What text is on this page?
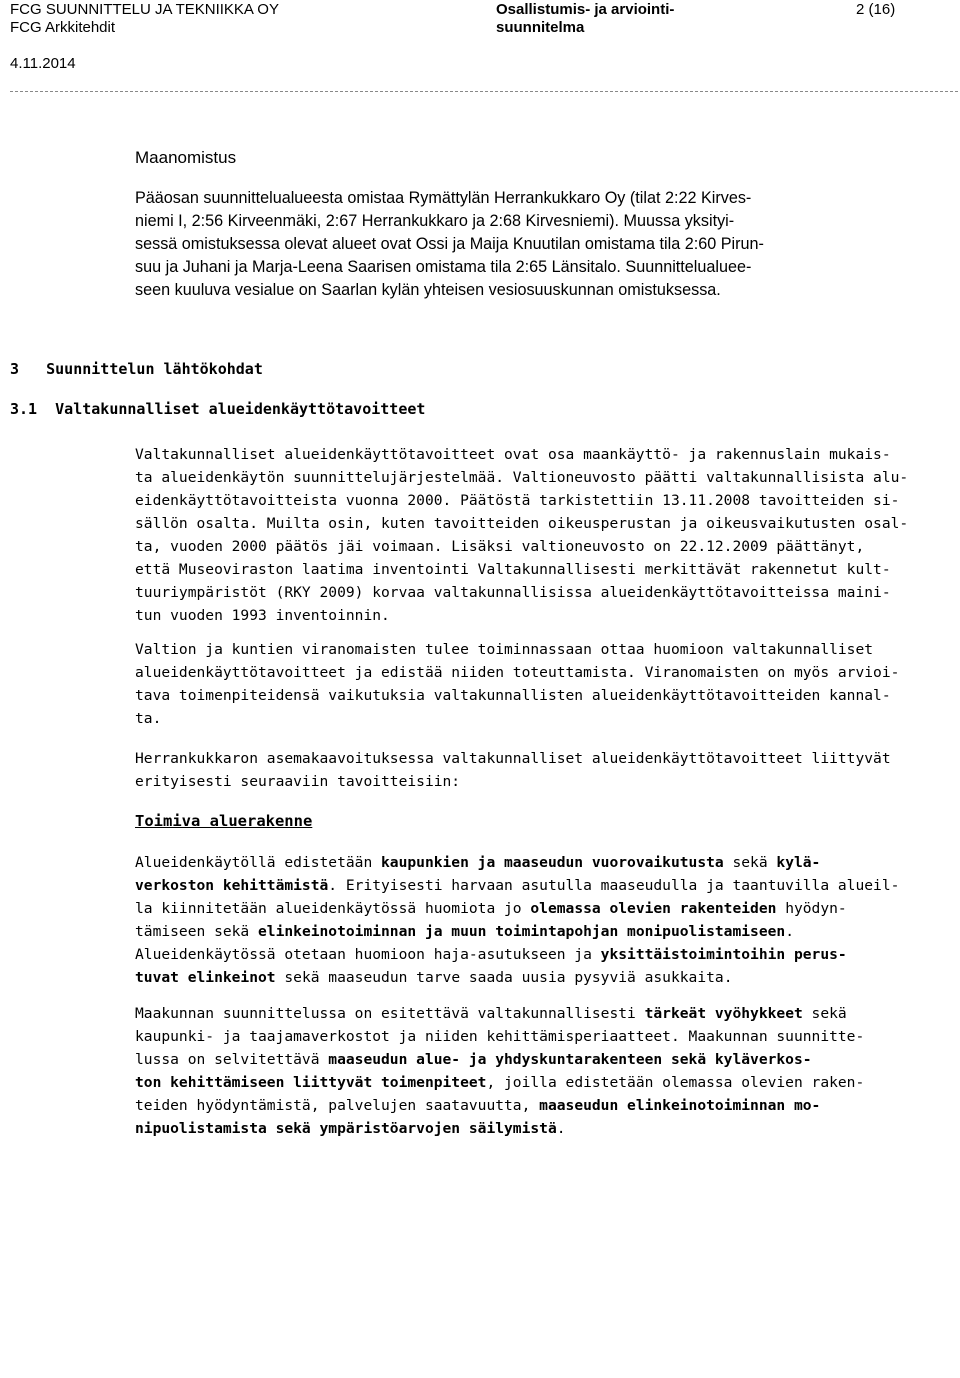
FCG SUUNNITTELU JA TEKNIIKKA OY
FCG Arkkitehdit
Osallistumis- ja arviointi-
suunnitelma
2 (16)
4.11.2014
Maanomistus
Pääosan suunnittelualueesta omistaa Rymättylän Herrankukkaro Oy (tilat 2:22 Kirves-
niemi I, 2:56 Kirveenmäki, 2:67 Herrankukkaro ja 2:68 Kirvesniemi). Muussa yksityi-
sessä omistuksessa olevat alueet ovat Ossi ja Maija Knuutilan omistama tila 2:60 Pirun-
suu ja Juhani ja Marja-Leena Saarisen omistama tila 2:65 Länsitalo. Suunnittelualuee-
seen kuuluva vesialue on Saarlan kylän yhteisen vesiosuuskunnan omistuksessa.
3   Suunnittelun lähtökohdat
3.1  Valtakunnalliset alueidenkäyttötavoitteet
Valtakunnalliset alueidenkäyttötavoitteet ovat osa maankäyttö- ja rakennuslain mukais-
ta alueidenkäytön suunnittelujärjestelmää. Valtioneuvosto päätti valtakunnallisista alu-
eidenkäyttötavoitteista vuonna 2000. Päätöstä tarkistettiin 13.11.2008 tavoitteiden si-
sällön osalta. Muilta osin, kuten tavoitteiden oikeusperustan ja oikeusvaikutusten osal-
ta, vuoden 2000 päätös jäi voimaan. Lisäksi valtioneuvosto on 22.12.2009 päättänyt,
että Museoviraston laatima inventointi Valtakunnallisesti merkittävät rakennetut kult-
tuuriympäristöt (RKY 2009) korvaa valtakunnallisissa alueidenkäyttötavoitteissa maini-
tun vuoden 1993 inventoinnin.
Valtion ja kuntien viranomaisten tulee toiminnassaan ottaa huomioon valtakunnalliset
alueidenkäyttötavoitteet ja edistää niiden toteuttamista. Viranomaisten on myös arvioi-
tava toimenpiteidensä vaikutuksia valtakunnallisten alueidenkäyttötavoitteiden kannal-
ta.
Herrankukkaron asemakaavoituksessa valtakunnalliset alueidenkäyttötavoitteet liittyvät
erityisesti seuraaviin tavoitteisiin:
Toimiva aluerakenne
Alueidenkäytöllä edistetään kaupunkien ja maaseudun vuorovaikutusta sekä kylä-
verkoston kehittämistä. Erityisesti harvaan asutulla maaseudulla ja taantuvilla alueil-
la kiinnitetään alueidenkäytössä huomiota jo olemassa olevien rakenteiden hyödyn-
tämiseen sekä elinkeinotoiminnan ja muun toimintapohjan monipuolistamiseen.
Alueidenkäytössä otetaan huomioon haja-asutukseen ja yksittäistoimintoihin perus-
tuvat elinkeinot sekä maaseudun tarve saada uusia pysyviä asukkaita.
Maakunnan suunnittelussa on esitettävä valtakunnallisesti tärkeät vyöhykkeet sekä
kaupunki- ja taajamaverkostot ja niiden kehittämisperiaatteet. Maakunnan suunnitte-
lussa on selvitettävä maaseudun alue- ja yhdyskuntarakenteen sekä kyläverkos-
ton kehittämiseen liittyvät toimenpiteet, joilla edistetään olemassa olevien raken-
teiden hyödyntämistä, palvelujen saatavuutta, maaseudun elinkeinotoiminnan mo-
nipuolistamista sekä ympäristöarvojen säilymistä.
